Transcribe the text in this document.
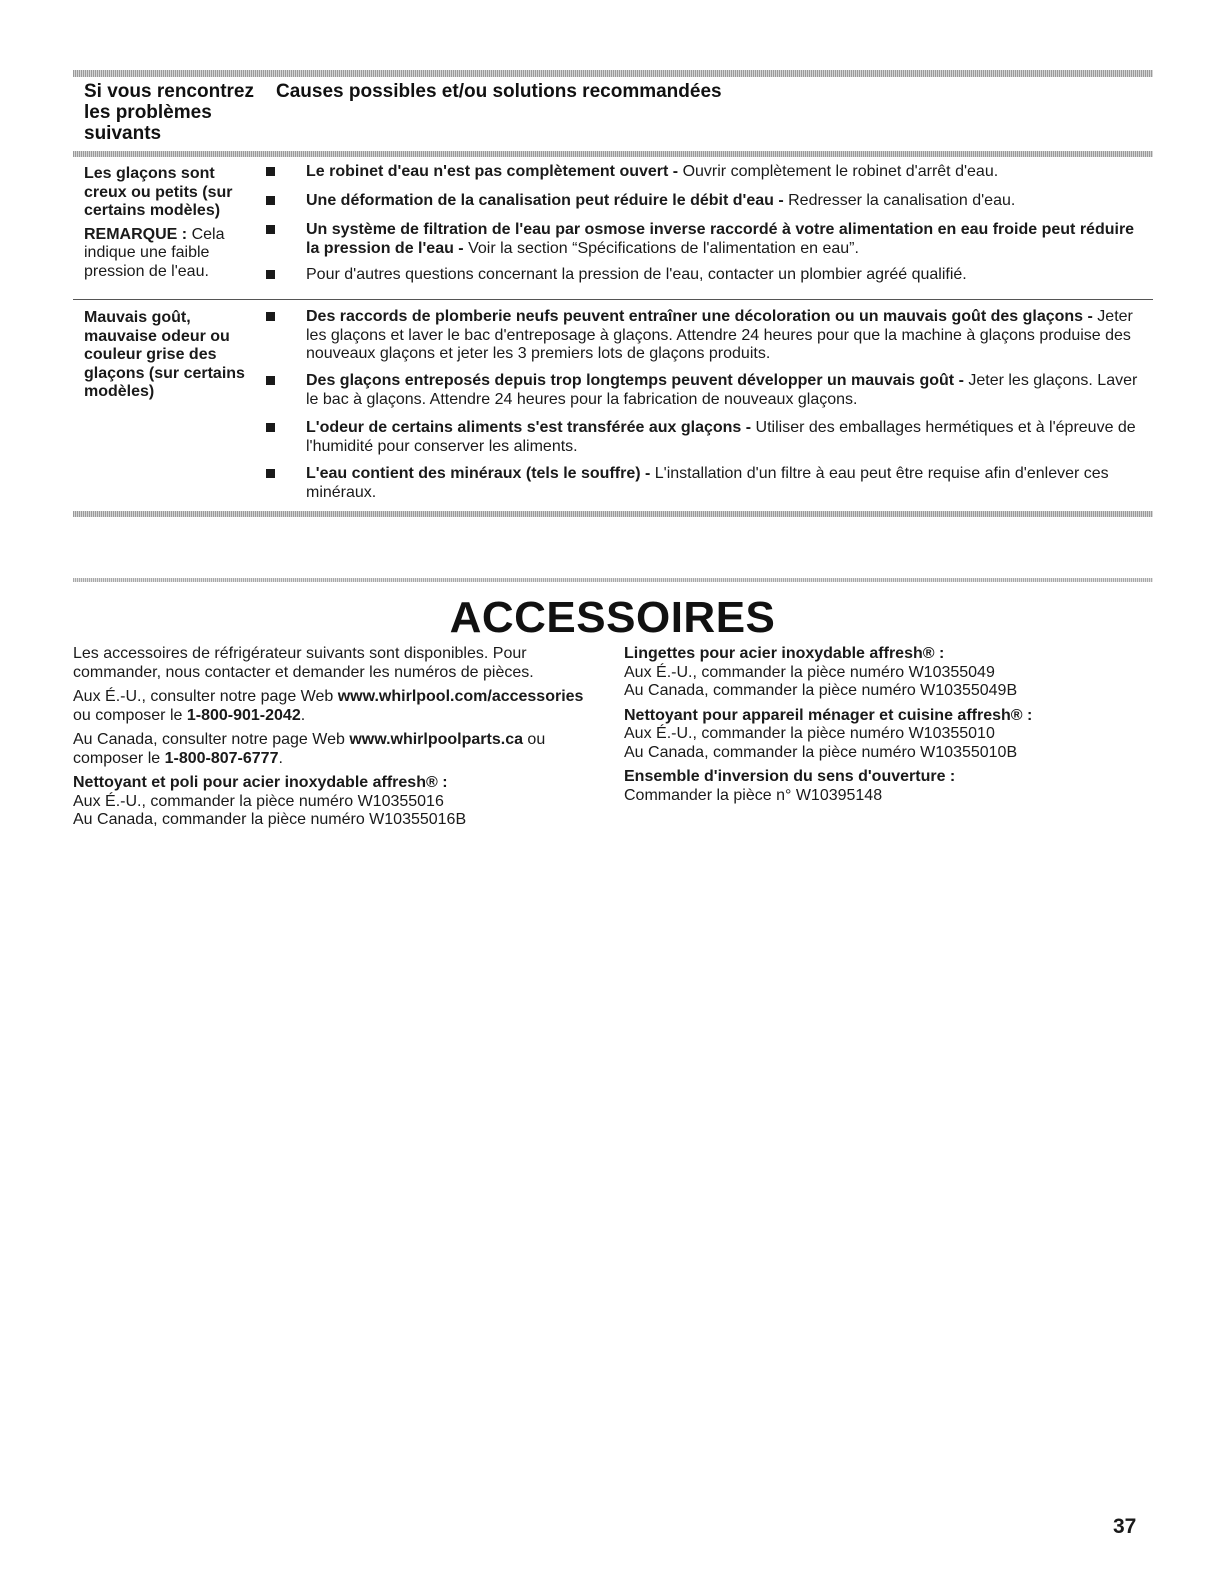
Si vous rencontrez les problèmes suivants
Causes possibles et/ou solutions recommandées
Les glaçons sont creux ou petits (sur certains modèles)
REMARQUE : Cela indique une faible pression de l'eau.
Le robinet d'eau n'est pas complètement ouvert - Ouvrir complètement le robinet d'arrêt d'eau.
Une déformation de la canalisation peut réduire le débit d'eau - Redresser la canalisation d'eau.
Un système de filtration de l'eau par osmose inverse raccordé à votre alimentation en eau froide peut réduire la pression de l'eau - Voir la section “Spécifications de l'alimentation en eau”.
Pour d'autres questions concernant la pression de l'eau, contacter un plombier agréé qualifié.
Mauvais goût, mauvaise odeur ou couleur grise des glaçons (sur certains modèles)
Des raccords de plomberie neufs peuvent entraîner une décoloration ou un mauvais goût des glaçons - Jeter les glaçons et laver le bac d'entreposage à glaçons. Attendre 24 heures pour que la machine à glaçons produise des nouveaux glaçons et jeter les 3 premiers lots de glaçons produits.
Des glaçons entreposés depuis trop longtemps peuvent développer un mauvais goût - Jeter les glaçons. Laver le bac à glaçons. Attendre 24 heures pour la fabrication de nouveaux glaçons.
L'odeur de certains aliments s'est transférée aux glaçons - Utiliser des emballages hermétiques et à l'épreuve de l'humidité pour conserver les aliments.
L'eau contient des minéraux (tels le souffre) - L'installation d'un filtre à eau peut être requise afin d'enlever ces minéraux.
ACCESSOIRES

Les accessoires de réfrigérateur suivants sont disponibles. Pour commander, nous contacter et demander les numéros de pièces.

Aux É.-U., consulter notre page Web www.whirlpool.com/accessories ou composer le 1-800-901-2042.

Au Canada, consulter notre page Web www.whirlpoolparts.ca ou composer le 1-800-807-6777.

Nettoyant et poli pour acier inoxydable affresh® :
Aux É.-U., commander la pièce numéro W10355016
Au Canada, commander la pièce numéro W10355016B

Lingettes pour acier inoxydable affresh® :
Aux É.-U., commander la pièce numéro W10355049
Au Canada, commander la pièce numéro W10355049B

Nettoyant pour appareil ménager et cuisine affresh® :
Aux É.-U., commander la pièce numéro W10355010
Au Canada, commander la pièce numéro W10355010B

Ensemble d'inversion du sens d'ouverture :
Commander la pièce n° W10395148

37
